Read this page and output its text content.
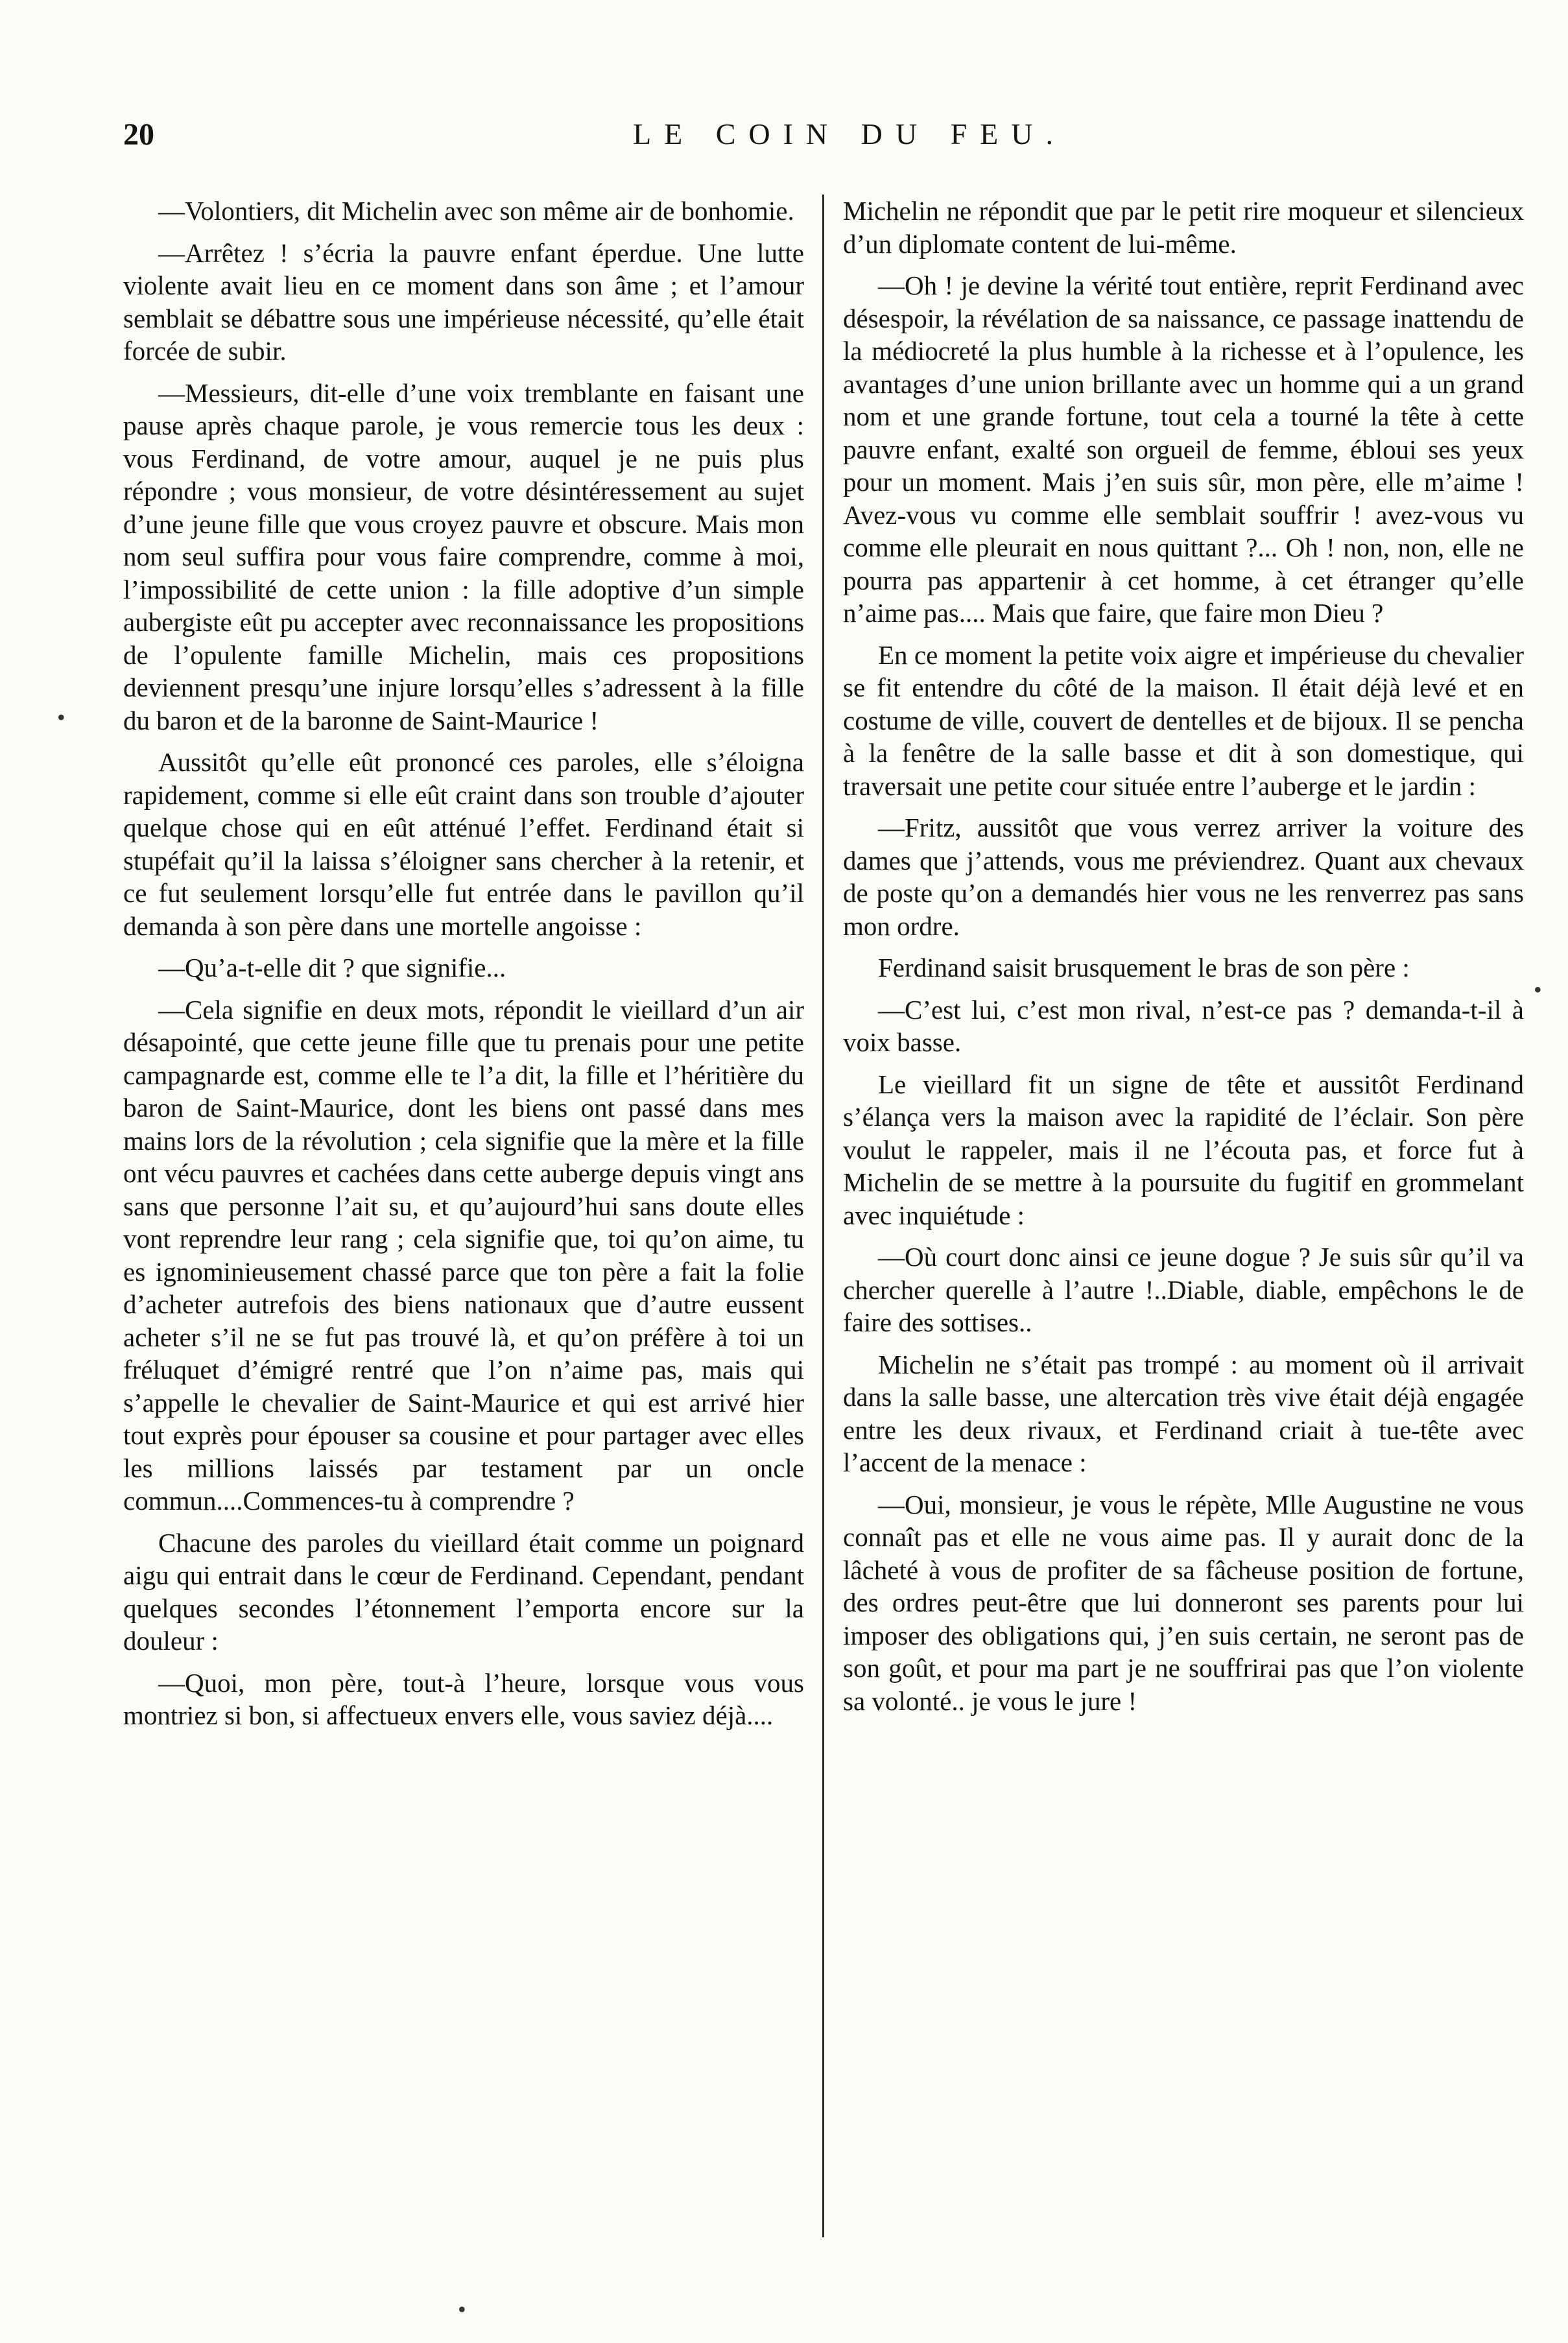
20	LE COIN DU FEU.

—Volontiers, dit Michelin avec son même air de bonhomie.

—Arrêtez ! s’écria la pauvre enfant éperdue. Une lutte violente avait lieu en ce moment dans son âme ; et l’amour semblait se débattre sous une impérieuse nécessité, qu’elle était forcée de subir.

—Messieurs, dit-elle d’une voix tremblante en faisant une pause après chaque parole, je vous remercie tous les deux : vous Ferdinand, de votre amour, auquel je ne puis plus répondre ; vous monsieur, de votre désintéressement au sujet d’une jeune fille que vous croyez pauvre et obscure. Mais mon nom seul suffira pour vous faire comprendre, comme à moi, l’impossibilité de cette union : la fille adoptive d’un simple aubergiste eût pu accepter avec reconnaissance les propositions de l’opulente famille Michelin, mais ces propositions deviennent presqu’une injure lorsqu’elles s’adressent à la fille du baron et de la baronne de Saint-Maurice !

Aussitôt qu’elle eût prononcé ces paroles, elle s’éloigna rapidement, comme si elle eût craint dans son trouble d’ajouter quelque chose qui en eût atténué l’effet. Ferdinand était si stupéfait qu’il la laissa s’éloigner sans chercher à la retenir, et ce fut seulement lorsqu’elle fut entrée dans le pavillon qu’il demanda à son père dans une mortelle angoisse :

—Qu’a-t-elle dit ? que signifie...

—Cela signifie en deux mots, répondit le vieillard d’un air désapointé, que cette jeune fille que tu prenais pour une petite campagnarde est, comme elle te l’a dit, la fille et l’héritière du baron de Saint-Maurice, dont les biens ont passé dans mes mains lors de la révolution ; cela signifie que la mère et la fille ont vécu pauvres et cachées dans cette auberge depuis vingt ans sans que personne l’ait su, et qu’aujourd’hui sans doute elles vont reprendre leur rang ; cela signifie que, toi qu’on aime, tu es ignominieusement chassé parce que ton père a fait la folie d’acheter autrefois des biens nationaux que d’autre eussent acheter s’il ne se fut pas trouvé là, et qu’on préfère à toi un fréluquet d’émigré rentré que l’on n’aime pas, mais qui s’appelle le chevalier de Saint-Maurice et qui est arrivé hier tout exprès pour épouser sa cousine et pour partager avec elles les millions laissés par testament par un oncle commun....Commences-tu à comprendre ?

Chacune des paroles du vieillard était comme un poignard aigu qui entrait dans le cœur de Ferdinand. Cependant, pendant quelques secondes l’étonnement l’emporta encore sur la douleur :

—Quoi, mon père, tout-à l’heure, lorsque vous vous montriez si bon, si affectueux envers elle, vous saviez déjà....

Michelin ne répondit que par le petit rire moqueur et silencieux d’un diplomate content de lui-même.

—Oh ! je devine la vérité tout entière, reprit Ferdinand avec désespoir, la révélation de sa naissance, ce passage inattendu de la médiocreté la plus humble à la richesse et à l’opulence, les avantages d’une union brillante avec un homme qui a un grand nom et une grande fortune, tout cela a tourné la tête à cette pauvre enfant, exalté son orgueil de femme, ébloui ses yeux pour un moment. Mais j’en suis sûr, mon père, elle m’aime ! Avez-vous vu comme elle semblait souffrir ! avez-vous vu comme elle pleurait en nous quittant ?... Oh ! non, non, elle ne pourra pas appartenir à cet homme, à cet étranger qu’elle n’aime pas.... Mais que faire, que faire mon Dieu ?

En ce moment la petite voix aigre et impérieuse du chevalier se fit entendre du côté de la maison. Il était déjà levé et en costume de ville, couvert de dentelles et de bijoux. Il se pencha à la fenêtre de la salle basse et dit à son domestique, qui traversait une petite cour située entre l’auberge et le jardin :

—Fritz, aussitôt que vous verrez arriver la voiture des dames que j’attends, vous me préviendrez. Quant aux chevaux de poste qu’on a demandés hier vous ne les renverrez pas sans mon ordre.

Ferdinand saisit brusquement le bras de son père :

—C’est lui, c’est mon rival, n’est-ce pas ? demanda-t-il à voix basse.

Le vieillard fit un signe de tête et aussitôt Ferdinand s’élança vers la maison avec la rapidité de l’éclair. Son père voulut le rappeler, mais il ne l’écouta pas, et force fut à Michelin de se mettre à la poursuite du fugitif en grommelant avec inquiétude :

—Où court donc ainsi ce jeune dogue ? Je suis sûr qu’il va chercher querelle à l’autre !..Diable, diable, empêchons le de faire des sottises..

Michelin ne s’était pas trompé : au moment où il arrivait dans la salle basse, une altercation très vive était déjà engagée entre les deux rivaux, et Ferdinand criait à tue-tête avec l’accent de la menace :

—Oui, monsieur, je vous le répète, Mlle Augustine ne vous connaît pas et elle ne vous aime pas. Il y aurait donc de la lâcheté à vous de profiter de sa fâcheuse position de fortune, des ordres peut-être que lui donneront ses parents pour lui imposer des obligations qui, j’en suis certain, ne seront pas de son goût, et pour ma part je ne souffrirai pas que l’on violente sa volonté.. je vous le jure !

•
•
•
